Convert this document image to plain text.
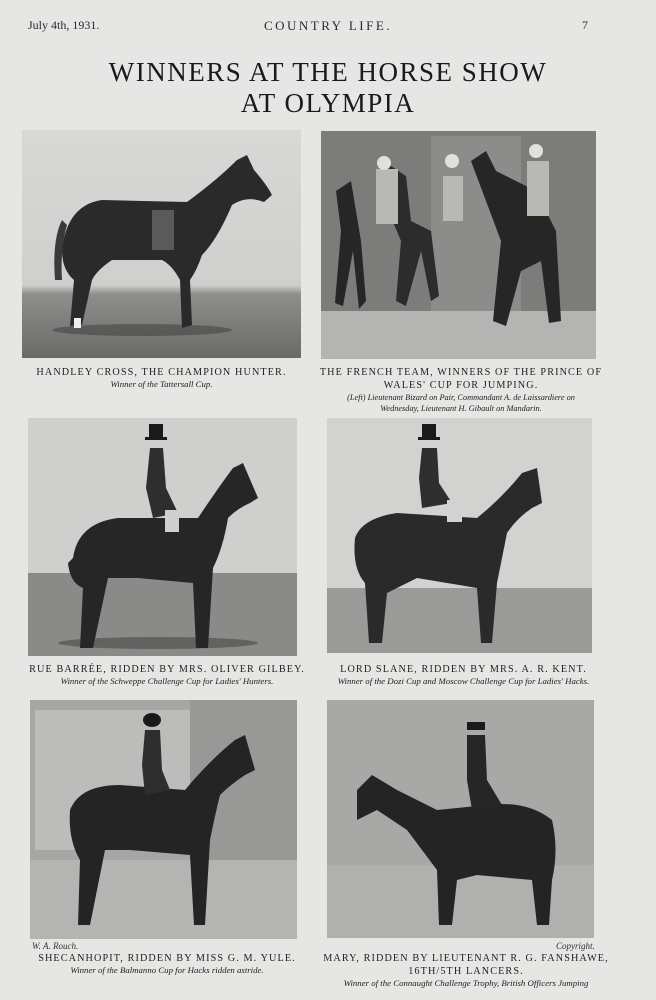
July 4th, 1931.	COUNTRY LIFE.	7
WINNERS AT THE HORSE SHOW
AT OLYMPIA
HANDLEY CROSS, THE CHAMPION HUNTER.
Winner of the Tattersall Cup.
THE FRENCH TEAM, WINNERS OF THE PRINCE OF
WALES' CUP FOR JUMPING.
(Left) Lieutenant Bizard on Pair, Commandant A. de Laissardiere on
Wednesday, Lieutenant H. Gibault on Mandarin.
RUE BARRÉE, RIDDEN BY MRS. OLIVER GILBEY.
Winner of the Schweppe Challenge Cup for Ladies' Hunters.
LORD SLANE, RIDDEN BY MRS. A. R. KENT.
Winner of the Dozi Cup and Moscow Challenge Cup for Ladies' Hacks.
W. A. Rouch.
SHECANHOPIT, RIDDEN BY MISS G. M. YULE.
Winner of the Balmanno Cup for Hacks ridden astride.
Copyright.
MARY, RIDDEN BY LIEUTENANT R. G. FANSHAWE,
16TH/5TH LANCERS.
Winner of the Connaught Challenge Trophy, British Officers Jumping
